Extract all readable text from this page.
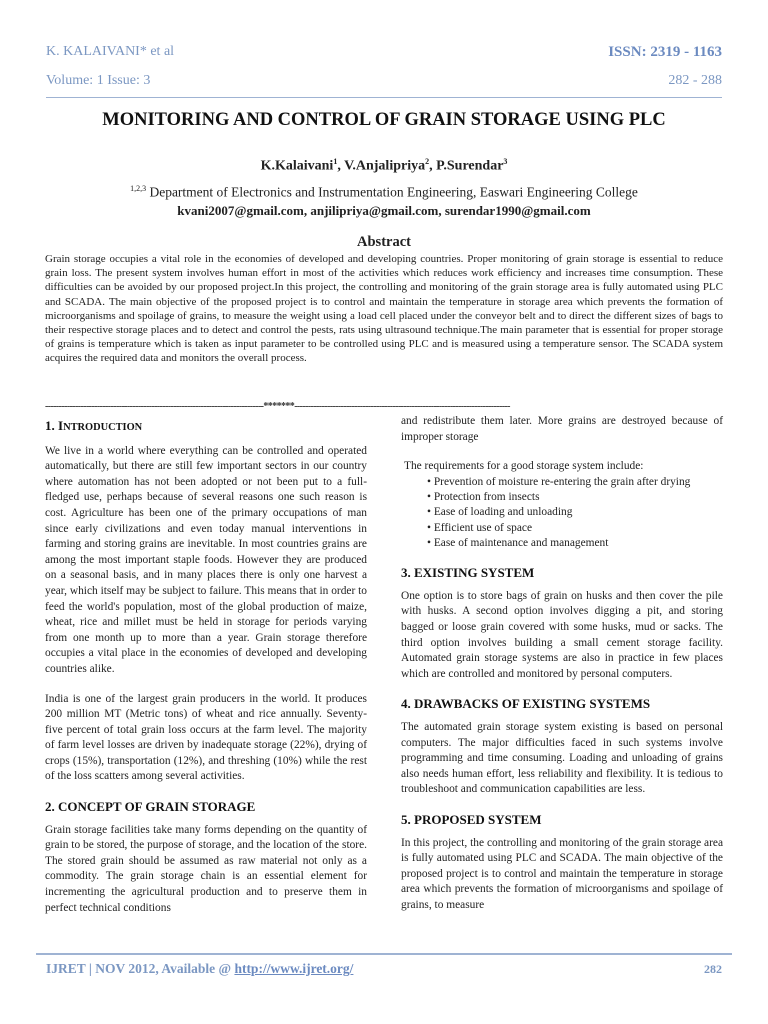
K. KALAIVANI* et al	ISSN: 2319 - 1163
Volume: 1 Issue: 3	282 - 288
MONITORING AND CONTROL OF GRAIN STORAGE USING PLC
K.Kalaivani$^1$, V.Anjalipriya$^2$, P.Surendar$^3$
$^{1,2,3}$ Department of Electronics and Instrumentation Engineering, Easwari Engineering College
kvani2007@gmail.com, anjilipriya@gmail.com, surendar1990@gmail.com
Abstract

Grain storage occupies a vital role in the economies of developed and developing countries. Proper monitoring of grain storage is essential to reduce grain loss. The present system involves human effort in most of the activities which reduces work efficiency and increases time consumption. These difficulties can be avoided by our proposed project.In this project, the controlling and monitoring of the grain storage area is fully automated using PLC and SCADA. The main objective of the proposed project is to control and maintain the temperature in storage area which prevents the formation of microorganisms and spoilage of grains, to measure the weight using a load cell placed under the conveyor belt and to direct the different sizes of bags to their respective storage places and to detect and control the pests, rats using ultrasound technique.The main parameter that is essential for proper storage of grains is temperature which is taken as input parameter to be controlled using PLC and is measured using a temperature sensor. The SCADA system acquires the required data and monitors the overall process.

--------------------------------------------------------------------------------*******-------------------------------------------------------------------------------
1. INTRODUCTION

We live in a world where everything can be controlled and operated automatically, but there are still few important sectors in our country where automation has not been adopted or not been put to a full- fledged use, perhaps because of several reasons one such reason is cost. Agriculture has been one of the primary occupations of man since early civilizations and even today manual interventions in farming and storing grains are inevitable. In most countries grains are among the most important staple foods. However they are produced on a seasonal basis, and in many places there is only one harvest a year, which itself may be subject to failure. This means that in order to feed the world's population, most of the global production of maize, wheat, rice and millet must be held in storage for periods varying from one month up to more than a year. Grain storage therefore occupies a vital place in the economies of developed and developing countries alike.

India is one of the largest grain producers in the world. It produces 200 million MT (Metric tons) of wheat and rice annually. Seventy-five percent of total grain loss occurs at the farm level. The majority of farm level losses are driven by inadequate storage (22%), drying of crops (15%), transportation (12%), and threshing (10%) while the rest of the loss scatters among several activities.

2. CONCEPT OF GRAIN STORAGE

Grain storage facilities take many forms depending on the quantity of grain to be stored, the purpose of storage, and the location of the store. The stored grain should be assumed as raw material not only as a commodity. The grain storage chain is an essential element for incrementing the agricultural production and to preserve them in perfect technical conditions

and redistribute them later. More grains are destroyed because of improper storage

The requirements for a good storage system include:

• Prevention of moisture re-entering the grain after drying
• Protection from insects
• Ease of loading and unloading
• Efficient use of space
• Ease of maintenance and management
3. EXISTING SYSTEM

One option is to store bags of grain on husks and then cover the pile with husks. A second option involves digging a pit, and storing bagged or loose grain covered with some husks, mud or sacks. The third option involves building a small cement storage facility. Automated grain storage systems are also in practice in few places which are controlled and monitored by personal computers.

4. DRAWBACKS OF EXISTING SYSTEMS

The automated grain storage system existing is based on personal computers. The major difficulties faced in such systems involve programming and time consuming. Loading and unloading of grains also needs human effort, less reliability and flexibility. It is tedious to troubleshoot and communication capabilities are less.

5. PROPOSED SYSTEM

In this project, the controlling and monitoring of the grain storage area is fully automated using PLC and SCADA. The main objective of the proposed project is to control and maintain the temperature in storage area which prevents the formation of microorganisms and spoilage of grains, to measure

IJRET | NOV 2012, Available @ http://www.ijret.org/	282
